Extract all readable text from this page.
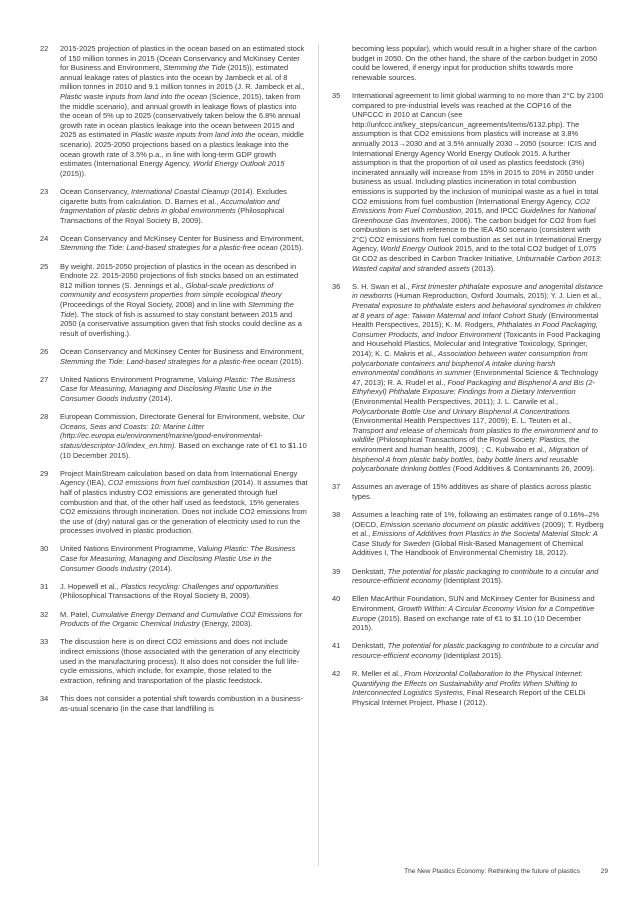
22	2015-2025 projection of plastics in the ocean based on an estimated stock of 150 million tonnes in 2015 (Ocean Conservancy and McKinsey Center for Business and Environment, Stemming the Tide (2015)), estimated annual leakage rates of plastics into the ocean by Jambeck et al. of 8 million tonnes in 2010 and 9.1 million tonnes in 2015 (J. R. Jambeck et al., Plastic waste inputs from land into the ocean (Science, 2015), taken from the middle scenario), and annual growth in leakage flows of plastics into the ocean of 5% up to 2025 (conservatively taken below the 6.8% annual growth rate in ocean plastics leakage into the ocean between 2015 and 2025 as estimated in Plastic waste inputs from land into the ocean, middle scenario). 2025-2050 projections based on a plastics leakage into the ocean growth rate of 3.5% p.a., in line with long-term GDP growth estimates (International Energy Agency, World Energy Outlook 2015 (2015)).
23	Ocean Conservancy, International Coastal Cleanup (2014). Excludes cigarette butts from calculation. D. Barnes et al., Accumulation and fragmentation of plastic debris in global environments (Philosophical Transactions of the Royal Society B, 2009).
24	Ocean Conservancy and McKinsey Center for Business and Environment, Stemming the Tide: Land-based strategies for a plastic-free ocean (2015).
25	By weight. 2015-2050 projection of plastics in the ocean as described in Endnote 22. 2015-2050 projections of fish stocks based on an estimated 812 million tonnes (S. Jennings et al., Global-scale predictions of community and ecosystem properties from simple ecological theory (Proceedings of the Royal Society, 2008) and in line with Stemming the Tide). The stock of fish is assumed to stay constant between 2015 and 2050 (a conservative assumption given that fish stocks could decline as a result of overfishing.).
26	Ocean Conservancy and McKinsey Center for Business and Environment, Stemming the Tide: Land-based strategies for a plastic-free ocean (2015).
27	United Nations Environment Programme, Valuing Plastic: The Business Case for Measuring, Managing and Disclosing Plastic Use in the Consumer Goods Industry (2014).
28	European Commission, Directorate General for Environment, website, Our Oceans, Seas and Coasts: 10: Marine Litter (http://ec.europa.eu/environment/marine/good-environmental-status/descriptor-10/index_en.htm). Based on exchange rate of €1 to $1.10 (10 December 2015).
29	Project MainStream calculation based on data from International Energy Agency (IEA), CO2 emissions from fuel combustion (2014). It assumes that half of plastics industry CO2 emissions are generated through fuel combustion and that, of the other half used as feedstock, 15% generates CO2 emissions through incineration. Does not include CO2 emissions from the use of (dry) natural gas or the generation of electricity used to run the processes involved in plastic production.
30	United Nations Environment Programme, Valuing Plastic: The Business Case for Measuring, Managing and Disclosing Plastic Use in the Consumer Goods Industry (2014).
31	J. Hopewell et al., Plastics recycling: Challenges and opportunities (Philosophical Transactions of the Royal Society B, 2009).
32	M. Patel, Cumulative Energy Demand and Cumulative CO2 Emissions for Products of the Organic Chemical Industry (Energy, 2003).
33	The discussion here is on direct CO2 emissions and does not include indirect emissions (those associated with the generation of any electricity used in the manufacturing process). It also does not consider the full life-cycle emissions, which include, for example, those related to the extraction, refining and transportation of the plastic feedstock.
34	This does not consider a potential shift towards combustion in a business-as-usual scenario (in the case that landfilling is
becoming less popular), which would result in a higher share of the carbon budget in 2050. On the other hand, the share of the carbon budget in 2050 could be lowered, if energy input for production shifts towards more renewable sources.
35	International agreement to limit global warming to no more than 2°C by 2100 compared to pre-industrial levels was reached at the COP16 of the UNFCCC in 2010 at Cancun (see http://unfccc.int/key_steps/cancun_agreements/items/6132.php). The assumption is that CO2 emissions from plastics will increase at 3.8% annually 2013→2030 and at 3.5% annually 2030→2050 (source: ICIS and International Energy Agency World Energy Outlook 2015. A further assumption is that the proportion of oil used as plastics feedstock (3%) incinerated annually will increase from 15% in 2015 to 20% in 2050 under business as usual. Including plastics incineration in total combustion emissions is supported by the inclusion of municipal waste as a fuel in total CO2 emissions from fuel combustion (International Energy Agency, CO2 Emissions from Fuel Combustion, 2015, and IPCC Guidelines for National Greenhouse Gas Inventories, 2006). The carbon budget for CO2 from fuel combustion is set with reference to the IEA 450 scenario (consistent with 2°C) CO2 emissions from fuel combustion as set out in International Energy Agency, World Energy Outlook 2015, and to the total CO2 budget of 1,075 Gt CO2 as described in Carbon Tracker Initiative, Unburnable Carbon 2013: Wasted capital and stranded assets (2013).
36	S. H. Swan et al., First trimester phthalate exposure and anogenital distance in newborns (Human Reproduction, Oxford Journals, 2015); Y. J. Lien et al., Prenatal exposure to phthalate esters and behavioral syndromes in children at 8 years of age: Taiwan Maternal and Infant Cohort Study (Environmental Health Perspectives, 2015); K. M. Rodgers, Phthalates in Food Packaging, Consumer Products, and Indoor Environment (Toxicants in Food Packaging and Household Plastics, Molecular and Integrative Toxicology, Springer, 2014); K. C. Makris et al., Association between water consumption from polycarbonate containers and bisphenol A intake during harsh environmental conditions in summer (Environmental Science & Technology 47, 2013); R. A. Rudel et al., Food Packaging and Bisphenol A and Bis (2-Ethyhexyl) Phthalate Exposure: Findings from a Dietary Intervention (Environmental Health Perspectives, 2011); J. L. Carwile et al., Polycarbonate Bottle Use and Urinary Bisphenol A Concentrations (Environmental Health Perspectives 117, 2009); E. L. Teuten et al., Transport and release of chemicals from plastics to the environment and to wildlife (Philosophical Transactions of the Royal Society: Plastics, the environment and human health, 2009). ; C. Kubwabo et al., Migration of bisphenol A from plastic baby bottles, baby bottle liners and reusable polycarbonate drinking bottles (Food Additives & Contaminants 26, 2009).
37	Assumes an average of 15% additives as share of plastics across plastic types.
38	Assumes a leaching rate of 1%, following an estimates range of 0.16%–2% (OECD, Emission scenario document on plastic additives (2009); T. Rydberg et al., Emissions of Additives from Plastics in the Societal Material Stock: A Case Study for Sweden (Global Risk-Based Management of Chemical Additives I, The Handbook of Environmental Chemistry 18, 2012).
39	Denkstatt, The potential for plastic packaging to contribute to a circular and resource-efficient economy (Identiplast 2015).
40	Ellen MacArthur Foundation, SUN and McKinsey Center for Business and Environment, Growth Within: A Circular Economy Vision for a Competitive Europe (2015). Based on exchange rate of €1 to $1.10 (10 December 2015).
41	Denkstatt, The potential for plastic packaging to contribute to a circular and resource-efficient economy (Identiplast 2015).
42	R. Meller et al., From Horizontal Collaboration to the Physical Internet: Quantifying the Effects on Sustainability and Profits When Shifting to Interconnected Logistics Systems, Final Research Report of the CELDi Physical Internet Project, Phase I (2012).
The New Plastics Economy: Rethinking the future of plastics	29
